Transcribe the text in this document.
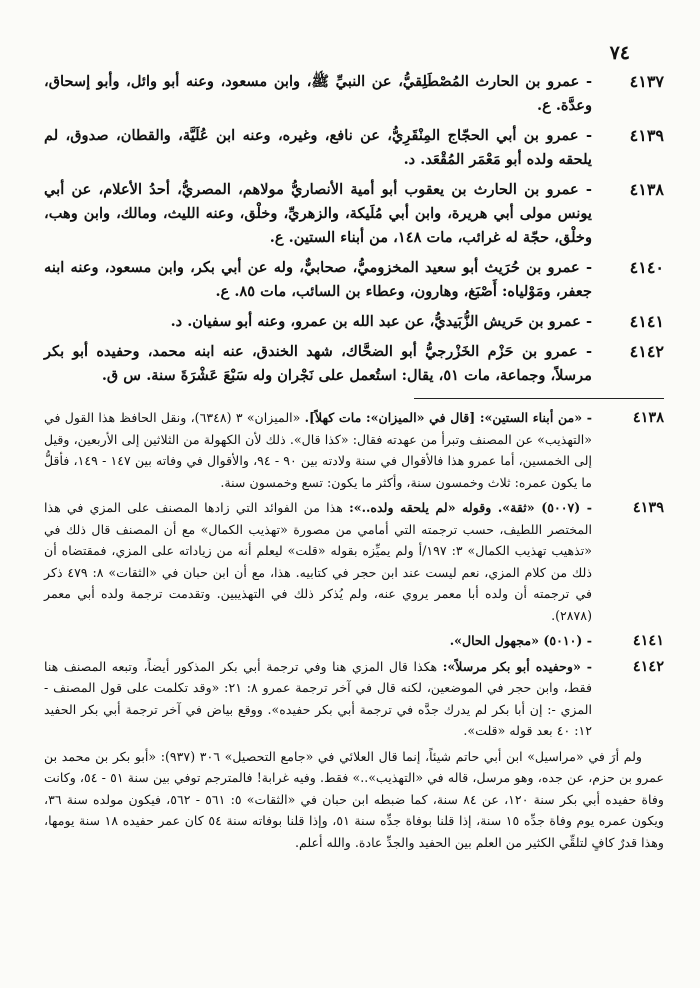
٧٤
٤١٣٧
- عمرو بن الحارث المُصْطَلِقيُّ، عن النبيِّ ﷺ، وابن مسعود، وعنه أبو وائل، وأبو إسحاق، وعدَّة. ع.
٤١٣٩
- عمرو بن أبي الحجّاج المِنْقَرِيُّ، عن نافع، وغيره، وعنه ابن عُلَيَّة، والقطان، صدوق، لم يلحقه ولده أبو مَعْمَر المُقْعَد. د.
٤١٣٨
- عمرو بن الحارث بن يعقوب أبو أمية الأنصاريُّ مولاهم، المصريُّ، أحدُ الأعلام، عن أبي يونس مولى أبي هريرة، وابن أبي مُلَيكة، والزهريِّ، وخلْق، وعنه الليث، ومالك، وابن وهب، وخلْق، حجّة له غرائب، مات ١٤٨، من أبناء الستين. ع.
٤١٤٠
- عمرو بن حُرَيث أبو سعيد المخزوميُّ، صحابيٌّ، وله عن أبي بكر، وابن مسعود، وعنه ابنه جعفر، ومَوْلياه: أَصْبَغ، وهارون، وعطاء بن السائب، مات ٨٥. ع.
٤١٤١
- عمرو بن حَريش الزُّبَيديُّ، عن عبد الله بن عمرو، وعنه أبو سفيان. د.
٤١٤٢
- عمرو بن حَزْم الخَزْرجيُّ أبو الضحَّاك، شهد الخندق، عنه ابنه محمد، وحفيده أبو بكر مرسلاً، وجماعة، مات ٥١، يقال: استُعمل على نَجْران وله سَبْعَ عَشْرَةَ سنة. س ق.
٤١٣٨
- «من أبناء الستين»: [قال في «الميزان»: مات كهلاً]. «الميزان» ٣ (٦٣٤٨)، ونقل الحافظ هذا القول في «التهذيب» عن المصنف وتبرأ من عهدته فقال: «كذا قال». ذلك لأن الكهولة من الثلاثين إلى الأربعين، وقيل إلى الخمسين، أما عمرو هذا فالأقوال في سنة ولادته بين ٩٠ - ٩٤، والأقوال في وفاته بين ١٤٧ - ١٤٩، فأقلُّ ما يكون عمره: ثلاث وخمسون سنة، وأكثر ما يكون: تسع وخمسون سنة.
٤١٣٩
- (٥٠٠٧) «ثقة». وقوله «لم يلحقه ولده..»: هذا من الفوائد التي زادها المصنف على المزي في هذا المختصر اللطيف، حسب ترجمته التي أمامي من مصورة «تهذيب الكمال» مع أن المصنف قال ذلك في «تذهيب تهذيب الكمال» ٣: ١٩٧/أ ولم يميِّزه بقوله «قلت» ليعلم أنه من زياداته على المزي، فمقتضاه أن ذلك من كلام المزي، نعم ليست عند ابن حجر في كتابيه. هذا، مع أن ابن حبان في «الثقات» ٨: ٤٧٩ ذكر في ترجمته أن ولده أبا معمر يروي عنه، ولم يُذكر ذلك في التهذيبين. وتقدمت ترجمة ولده أبي معمر (٢٨٧٨).
٤١٤١
- (٥٠١٠) «مجهول الحال».
٤١٤٢
- «وحفيده أبو بكر مرسلاً»: هكذا قال المزي هنا وفي ترجمة أبي بكر المذكور أيضاً، وتبعه المصنف هنا فقط، وابن حجر في الموضعين، لكنه قال في آخر ترجمة عمرو ٨: ٢١: «وقد تكلمت على قول المصنف - المزي -: إن أبا بكر لم يدرك جدَّه في ترجمة أبي بكر حفيده». ووقع بياض في آخر ترجمة أبي بكر الحفيد ١٢: ٤٠ بعد قوله «قلت».

ولم أرَ في «مراسيل» ابن أبي حاتم شيئاً، إنما قال العلائي في «جامع التحصيل» ٣٠٦ (٩٣٧): «أبو بكر بن محمد بن عمرو بن حزم، عن جده، وهو مرسل، قاله في «التهذيب»..» فقط. وفيه غرابة! فالمترجم توفي بين سنة ٥١ - ٥٤، وكانت وفاة حفيده أبي بكر سنة ١٢٠، عن ٨٤ سنة، كما ضبطه ابن حبان في «الثقات» ٥: ٥٦١ - ٥٦٢، فيكون مولده سنة ٣٦، ويكون عمره يوم وفاة جدِّه ١٥ سنة، إذا قلنا بوفاة جدِّه سنة ٥١، وإذا قلنا بوفاته سنة ٥٤ كان عمر حفيده ١٨ سنة يومها، وهذا قدرٌ كافٍ لتلقِّي الكثير من العلم بين الحفيد والجدِّ عادة. والله أعلم.
